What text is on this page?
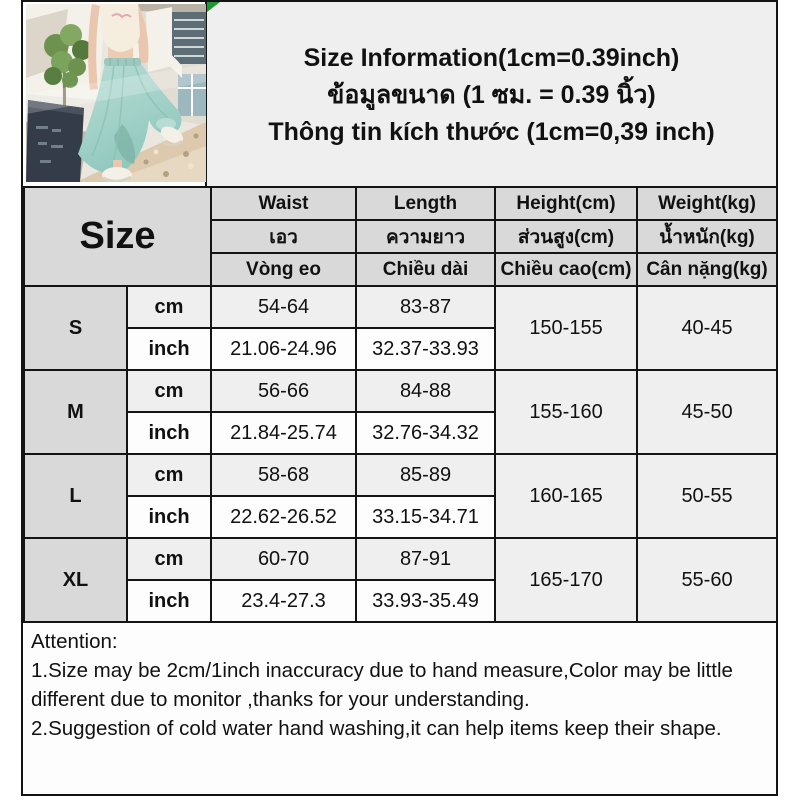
Size Information(1cm=0.39inch)
ข้อมูลขนาด (1 ซม. = 0.39 นิ้ว)
Thông tin kích thước (1cm=0,39 inch)
Size		Waist	Length	Height(cm)	Weight(kg)
		เอว	ความยาว	ส่วนสูง(cm)	น้ำหนัก(kg)
		Vòng eo	Chiều dài	Chiều cao(cm)	Cân nặng(kg)
S	cm	54-64	83-87	150-155	40-45
	inch	21.06-24.96	32.37-33.93		
M	cm	56-66	84-88	155-160	45-50
	inch	21.84-25.74	32.76-34.32		
L	cm	58-68	85-89	160-165	50-55
	inch	22.62-26.52	33.15-34.71		
XL	cm	60-70	87-91	165-170	55-60
	inch	23.4-27.3	33.93-35.49		
Attention:
1.Size may be 2cm/1inch inaccuracy due to hand measure,Color may be little different due to monitor ,thanks for your understanding.
2.Suggestion of cold water hand washing,it can help items keep their shape.
